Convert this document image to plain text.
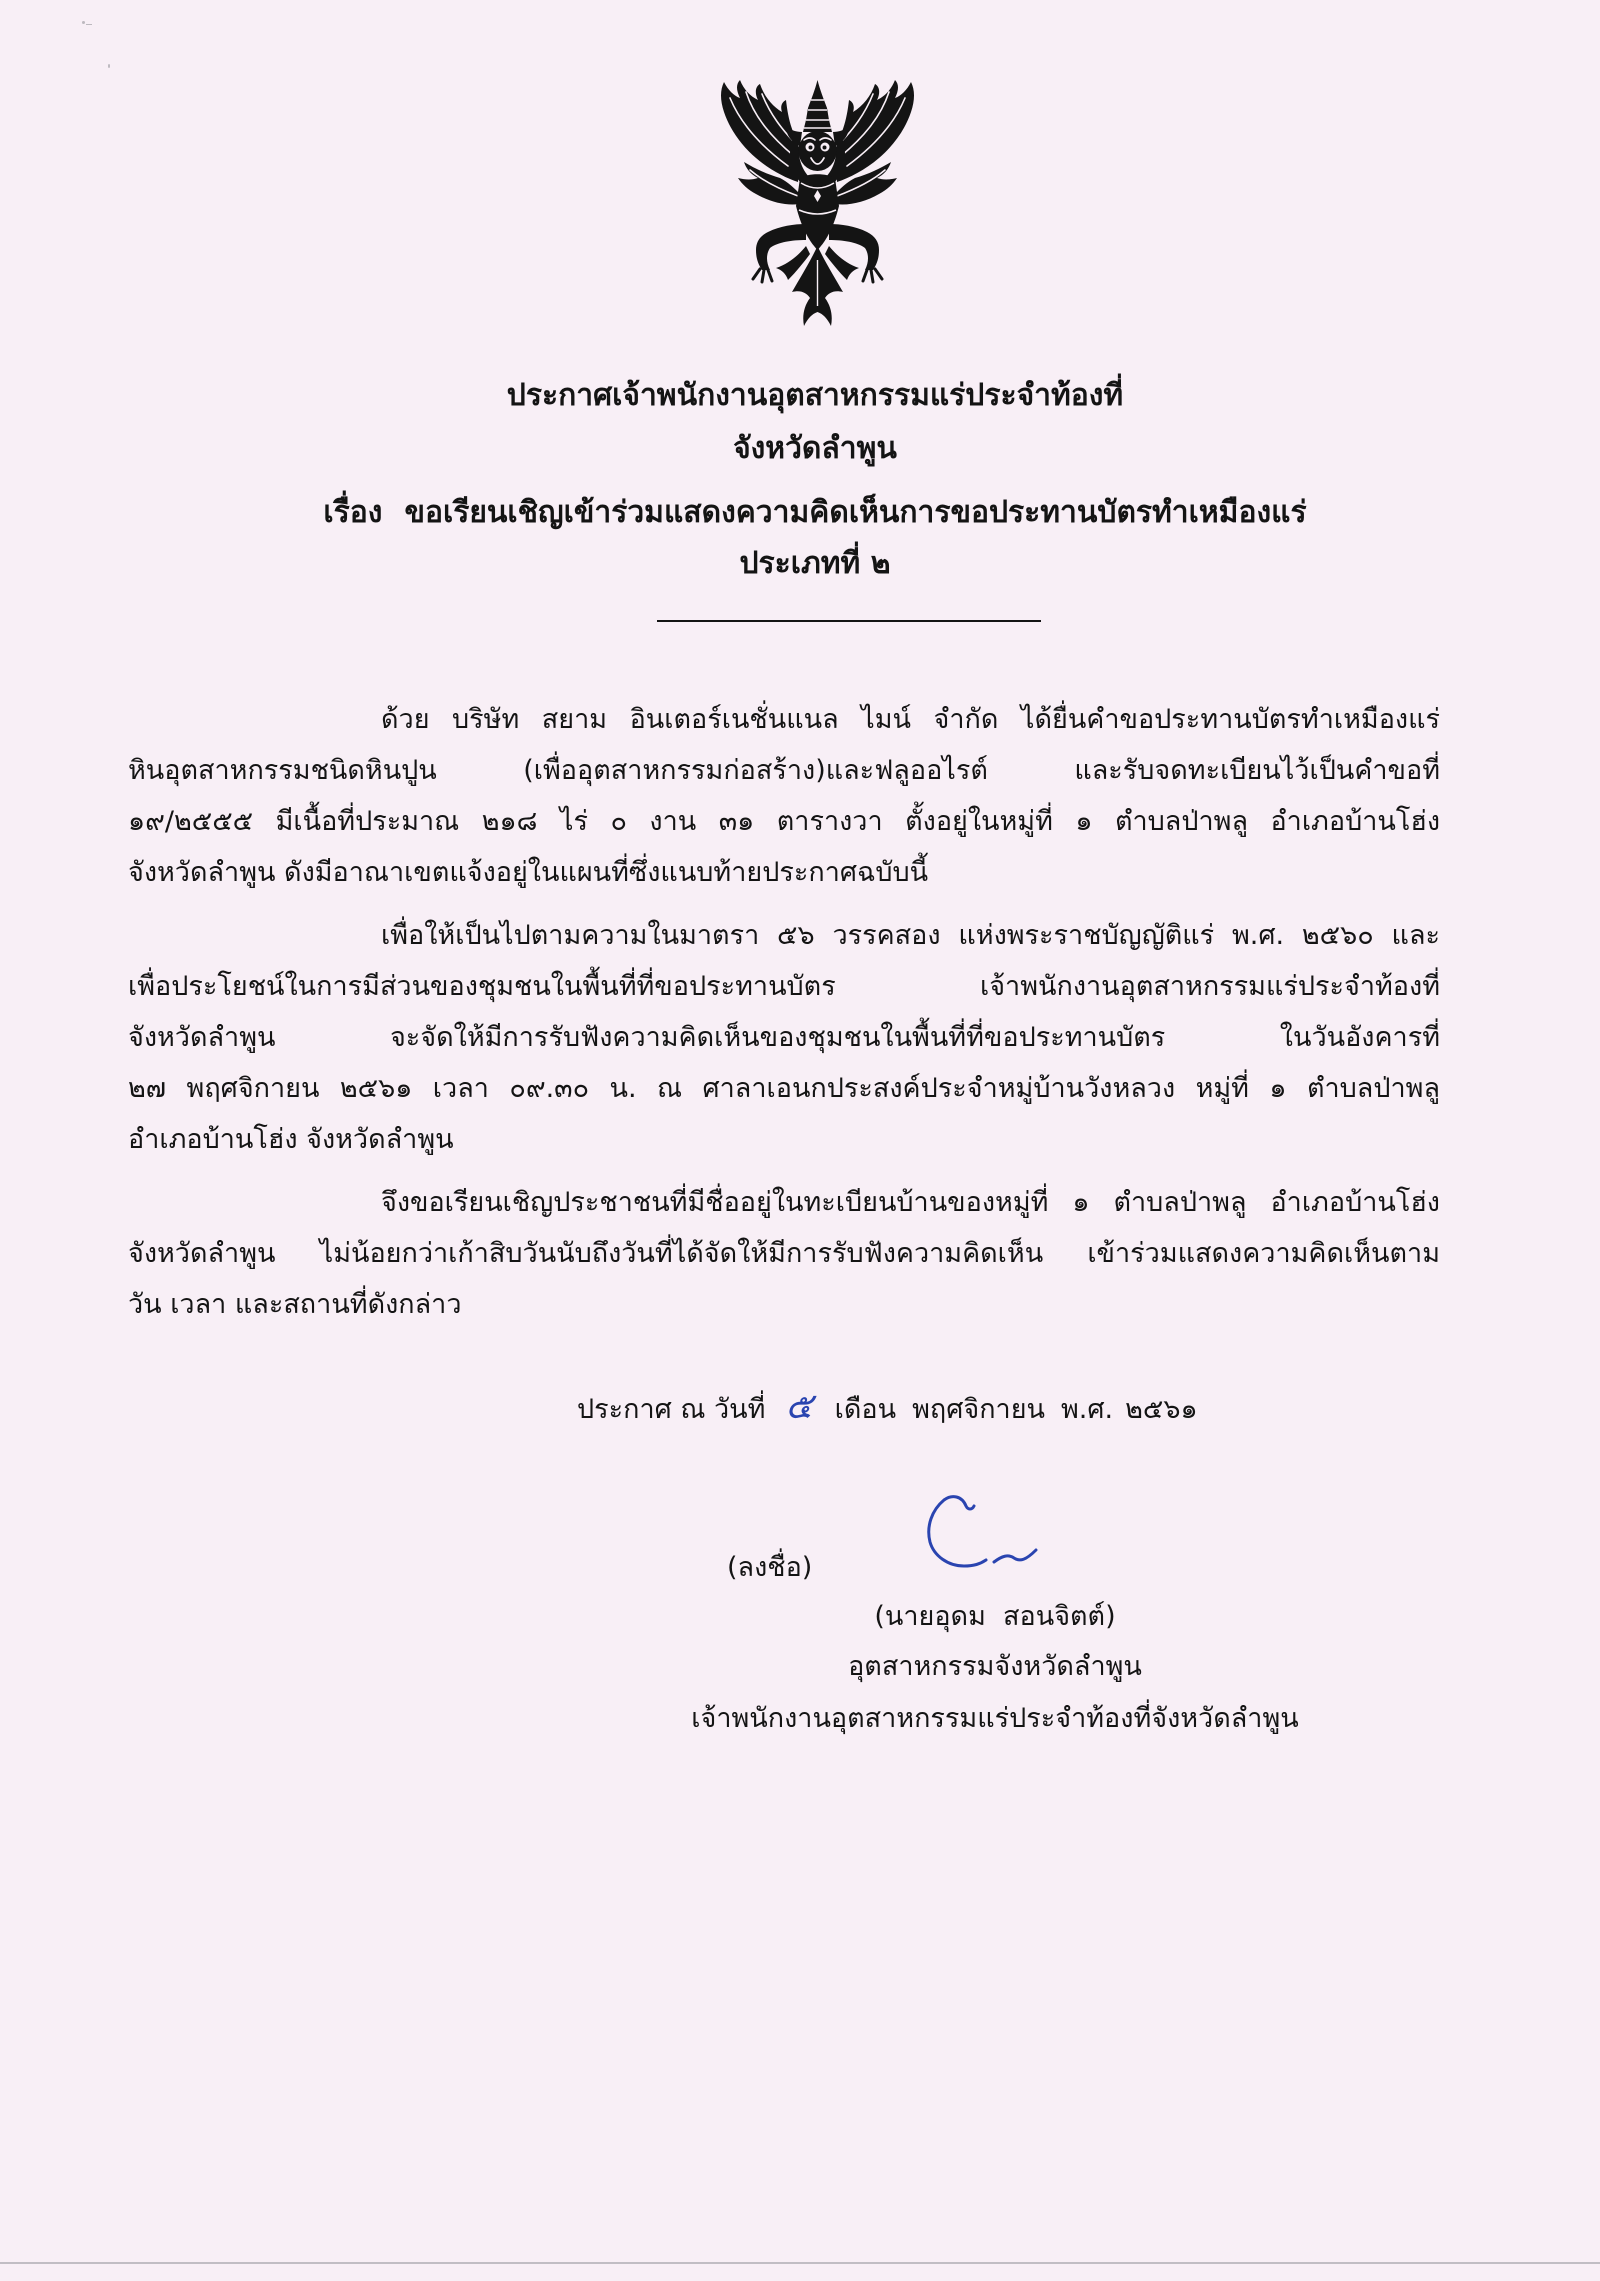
ประกาศเจ้าพนักงานอุตสาหกรรมแร่ประจำท้องที่
จังหวัดลำพูน
เรื่อง ขอเรียนเชิญเข้าร่วมแสดงความคิดเห็นการขอประทานบัตรทำเหมืองแร่
ประเภทที่ ๒
ด้วย บริษัท สยาม อินเตอร์เนชั่นแนล ไมน์ จำกัด ได้ยื่นคำขอประทานบัตรทำเหมืองแร่
หินอุตสาหกรรมชนิดหินปูน (เพื่ออุตสาหกรรมก่อสร้าง)และฟลูออไรต์ และรับจดทะเบียนไว้เป็นคำขอที่
๑๙/๒๕๕๕ มีเนื้อที่ประมาณ ๒๑๘ ไร่ ๐ งาน ๓๑ ตารางวา ตั้งอยู่ในหมู่ที่ ๑ ตำบลป่าพลู อำเภอบ้านโฮ่ง
จังหวัดลำพูน ดังมีอาณาเขตแจ้งอยู่ในแผนที่ซึ่งแนบท้ายประกาศฉบับนี้
เพื่อให้เป็นไปตามความในมาตรา ๕๖ วรรคสอง แห่งพระราชบัญญัติแร่ พ.ศ. ๒๕๖๐ และ
เพื่อประโยชน์ในการมีส่วนของชุมชนในพื้นที่ที่ขอประทานบัตร เจ้าพนักงานอุตสาหกรรมแร่ประจำท้องที่
จังหวัดลำพูน จะจัดให้มีการรับฟังความคิดเห็นของชุมชนในพื้นที่ที่ขอประทานบัตร ในวันอังคารที่
๒๗ พฤศจิกายน ๒๕๖๑ เวลา ๐๙.๓๐ น. ณ ศาลาเอนกประสงค์ประจำหมู่บ้านวังหลวง หมู่ที่ ๑ ตำบลป่าพลู
อำเภอบ้านโฮ่ง จังหวัดลำพูน
จึงขอเรียนเชิญประชาชนที่มีชื่ออยู่ในทะเบียนบ้านของหมู่ที่ ๑ ตำบลป่าพลู อำเภอบ้านโฮ่ง
จังหวัดลำพูน ไม่น้อยกว่าเก้าสิบวันนับถึงวันที่ได้จัดให้มีการรับฟังความคิดเห็น เข้าร่วมแสดงความคิดเห็นตาม
วัน เวลา และสถานที่ดังกล่าว
ประกาศ ณ วันที่ ๕ เดือน พฤศจิกายน พ.ศ. ๒๕๖๑
(ลงชื่อ)
(นายอุดม  สอนจิตต์)
อุตสาหกรรมจังหวัดลำพูน
เจ้าพนักงานอุตสาหกรรมแร่ประจำท้องที่จังหวัดลำพูน
